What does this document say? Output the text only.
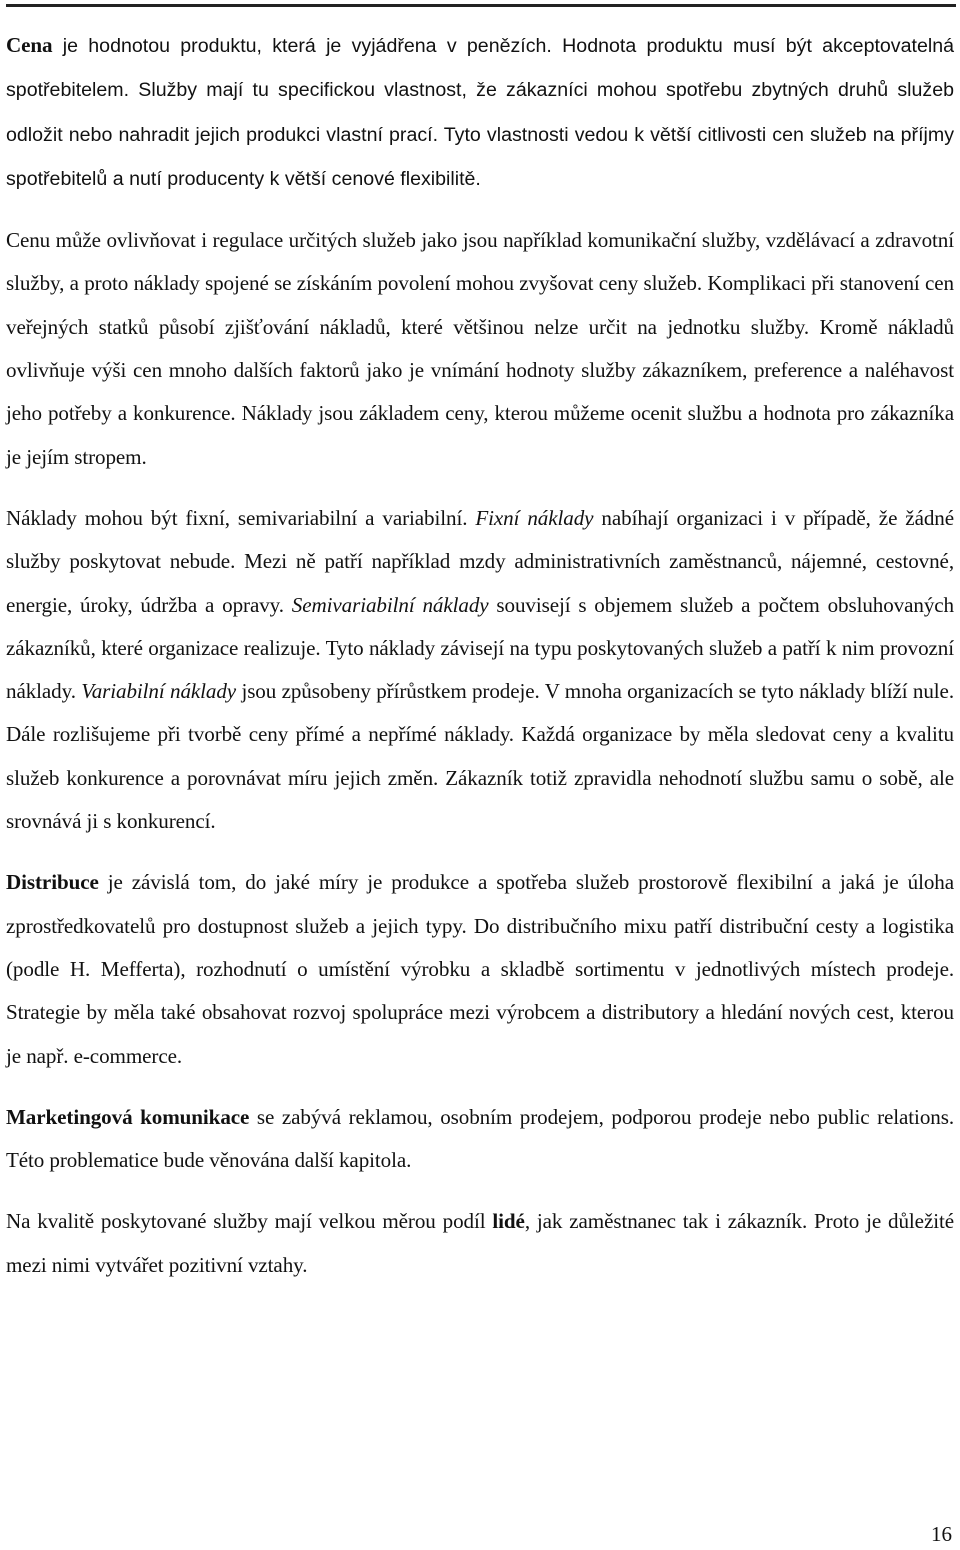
Cena je hodnotou produktu, která je vyjádřena v penězích. Hodnota produktu musí být akceptovatelná spotřebitelem. Služby mají tu specifickou vlastnost, že zákazníci mohou spotřebu zbytných druhů služeb odložit nebo nahradit jejich produkci vlastní prací. Tyto vlastnosti vedou k větší citlivosti cen služeb na příjmy spotřebitelů a nutí producenty k větší cenové flexibilitě.

Cenu může ovlivňovat i regulace určitých služeb jako jsou například komunikační služby, vzdělávací a zdravotní služby, a proto náklady spojené se získáním povolení mohou zvyšovat ceny služeb. Komplikaci při stanovení cen veřejných statků působí zjišťování nákladů, které většinou nelze určit na jednotku služby. Kromě nákladů ovlivňuje výši cen mnoho dalších faktorů jako je vnímání hodnoty služby zákazníkem, preference a naléhavost jeho potřeby a konkurence. Náklady jsou základem ceny, kterou můžeme ocenit službu a hodnota pro zákazníka je jejím stropem.

Náklady mohou být fixní, semivariabilní a variabilní. Fixní náklady nabíhají organizaci i v případě, že žádné služby poskytovat nebude. Mezi ně patří například mzdy administrativních zaměstnanců, nájemné, cestovné, energie, úroky, údržba a opravy. Semivariabilní náklady souvisejí s objemem služeb a počtem obsluhovaných zákazníků, které organizace realizuje. Tyto náklady závisejí na typu poskytovaných služeb a patří k nim provozní náklady. Variabilní náklady jsou způsobeny přírůstkem prodeje. V mnoha organizacích se tyto náklady blíží nule. Dále rozlišujeme při tvorbě ceny přímé a nepřímé náklady. Každá organizace by měla sledovat ceny a kvalitu služeb konkurence a porovnávat míru jejich změn. Zákazník totiž zpravidla nehodnotí službu samu o sobě, ale srovnává ji s konkurencí.

Distribuce je závislá tom, do jaké míry je produkce a spotřeba služeb prostorově flexibilní a jaká je úloha zprostředkovatelů pro dostupnost služeb a jejich typy. Do distribučního mixu patří distribuční cesty a logistika (podle H. Mefferta), rozhodnutí o umístění výrobku a skladbě sortimentu v jednotlivých místech prodeje. Strategie by měla také obsahovat rozvoj spolupráce mezi výrobcem a distributory a hledání nových cest, kterou je např. e-commerce.

Marketingová komunikace se zabývá reklamou, osobním prodejem, podporou prodeje nebo public relations. Této problematice bude věnována další kapitola.

Na kvalitě poskytované služby mají velkou měrou podíl lidé, jak zaměstnanec tak i zákazník. Proto je důležité mezi nimi vytvářet pozitivní vztahy.

16
